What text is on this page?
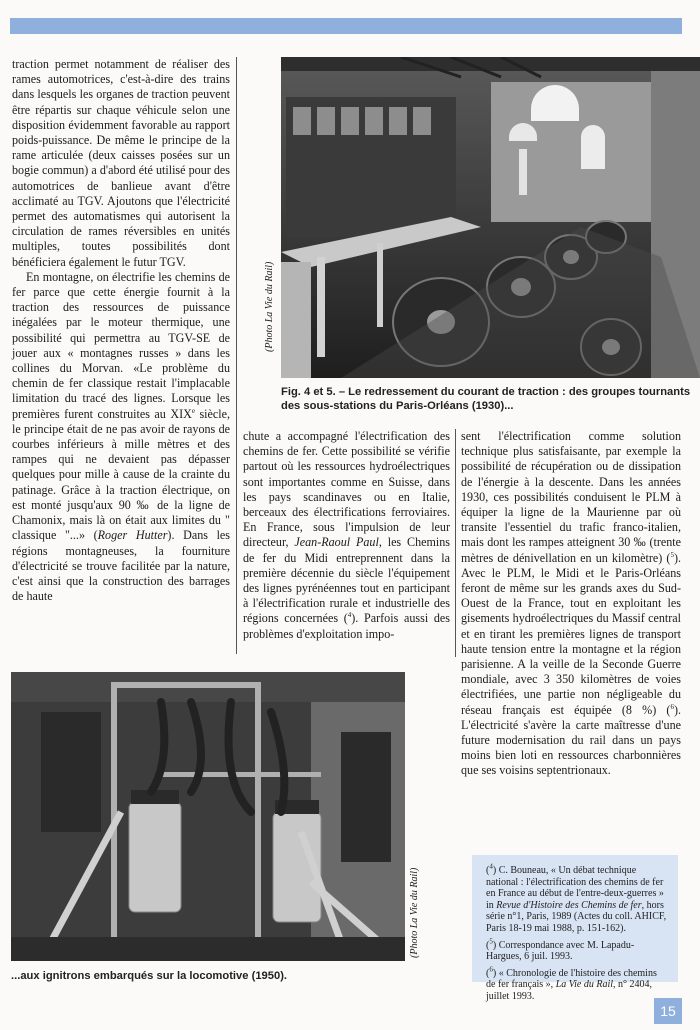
traction permet notamment de réaliser des rames automotrices, c'est-à-dire des trains dans lesquels les organes de traction peuvent être répartis sur chaque véhicule selon une disposition évidemment favorable au rapport poids-puissance. De même le principe de la rame articulée (deux caisses posées sur un bogie commun) a d'abord été utilisé pour des automotrices de banlieue avant d'être acclimaté au TGV. Ajoutons que l'électricité permet des automatismes qui autorisent la circulation de rames réversibles en unités multiples, toutes possibilités dont bénéficiera également le futur TGV.

En montagne, on électrifie les chemins de fer parce que cette énergie fournit à la traction des ressources de puissance inégalées par le moteur thermique, une possibilité qui permettra au TGV-SE de jouer aux « montagnes russes » dans les collines du Morvan. «Le problème du chemin de fer classique restait l'implacable limitation du tracé des lignes. Lorsque les premières furent construites au XIXe siècle, le principe était de ne pas avoir de rayons de courbes inférieurs à mille mètres et des rampes qui ne devaient pas dépasser quelques pour mille à cause de la crainte du patinage. Grâce à la traction électrique, on est monté jusqu'aux 90 ‰ de la ligne de Chamonix, mais là on était aux limites du " classique "...» (Roger Hutter). Dans les régions montagneuses, la fourniture d'électricité se trouve facilitée par la nature, c'est ainsi que la construction des barrages de haute

(Photo La Vie du Rail)
Fig. 4 et 5. – Le redressement du courant de traction : des groupes tournants des sous-stations du Paris-Orléans (1930)...

chute a accompagné l'électrification des chemins de fer. Cette possibilité se vérifie partout où les ressources hydroélectriques sont importantes comme en Suisse, dans les pays scandinaves ou en Italie, berceaux des électrifications ferroviaires. En France, sous l'impulsion de leur directeur, Jean-Raoul Paul, les Chemins de fer du Midi entreprennent dans la première décennie du siècle l'équipement des lignes pyrénéennes tout en participant à l'électrification rurale et industrielle des régions concernées ($^4$). Parfois aussi des problèmes d'exploitation impo-

sent l'électrification comme solution technique plus satisfaisante, par exemple la possibilité de récupération ou de dissipation de l'énergie à la descente. Dans les années 1930, ces possibilités conduisent le PLM à équiper la ligne de la Maurienne par où transite l'essentiel du trafic franco-italien, mais dont les rampes atteignent 30 ‰ (trente mètres de dénivellation en un kilomètre) ($^5$). Avec le PLM, le Midi et le Paris-Orléans feront de même sur les grands axes du Sud-Ouest de la France, tout en exploitant les gisements hydroélectriques du Massif central et en tirant les premières lignes de transport haute tension entre la montagne et la région parisienne. A la veille de la Seconde Guerre mondiale, avec 3 350 kilomètres de voies électrifiées, une partie non négligeable du réseau français est équipée (8 %) ($^6$). L'électricité s'avère la carte maîtresse d'une future modernisation du rail dans un pays moins bien loti en ressources charbonnières que ses voisins septentrionaux.

(Photo La Vie du Rail)
...aux ignitrons embarqués sur la locomotive (1950).

($^4$) C. Bouneau, « Un débat technique national : l'électrification des chemins de fer en France au début de l'entre-deux-guerres » in Revue d'Histoire des Chemins de fer, hors série n°1, Paris, 1989 (Actes du coll. AHICF, Paris 18-19 mai 1988, p. 151-162).

($^5$) Correspondance avec M. Lapadu-Hargues, 6 juil. 1993.

($^6$) « Chronologie de l'histoire des chemins de fer français », La Vie du Rail, n° 2404, juillet 1993.

15
